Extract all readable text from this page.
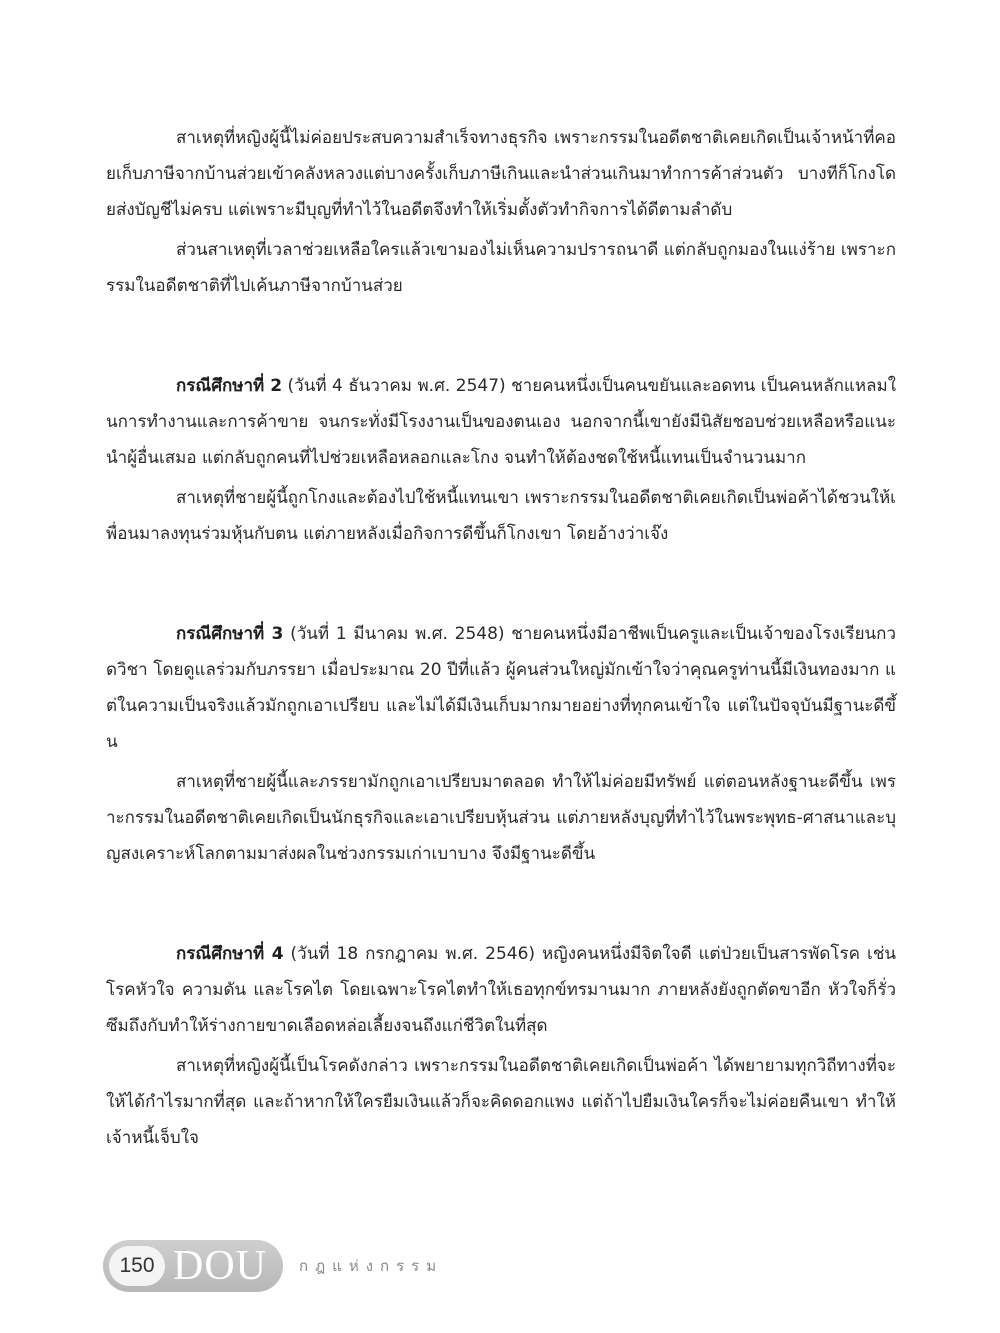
สาเหตุที่หญิงผู้นี้ไม่ค่อยประสบความสำเร็จทางธุรกิจ เพราะกรรมในอดีตชาติเคยเกิดเป็นเจ้าหน้าที่คอยเก็บภาษีจากบ้านส่วยเข้าคลังหลวงแต่บางครั้งเก็บภาษีเกินและนำส่วนเกินมาทำการค้าส่วนตัว บางทีก็โกงโดยส่งบัญชีไม่ครบ แต่เพราะมีบุญที่ทำไว้ในอดีตจึงทำให้เริ่มตั้งตัวทำกิจการได้ดีตามลำดับ

ส่วนสาเหตุที่เวลาช่วยเหลือใครแล้วเขามองไม่เห็นความปรารถนาดี แต่กลับถูกมองในแง่ร้าย เพราะกรรมในอดีตชาติที่ไปเค้นภาษีจากบ้านส่วย

กรณีศึกษาที่ 2 (วันที่ 4 ธันวาคม พ.ศ. 2547) ชายคนหนึ่งเป็นคนขยันและอดทน เป็นคนหลักแหลมในการทำงานและการค้าขาย จนกระทั่งมีโรงงานเป็นของตนเอง นอกจากนี้เขายังมีนิสัยชอบช่วยเหลือหรือแนะนำผู้อื่นเสมอ แต่กลับถูกคนที่ไปช่วยเหลือหลอกและโกง จนทำให้ต้องชดใช้หนี้แทนเป็นจำนวนมาก

สาเหตุที่ชายผู้นี้ถูกโกงและต้องไปใช้หนี้แทนเขา เพราะกรรมในอดีตชาติเคยเกิดเป็นพ่อค้าได้ชวนให้เพื่อนมาลงทุนร่วมหุ้นกับตน แต่ภายหลังเมื่อกิจการดีขึ้นก็โกงเขา โดยอ้างว่าเจ๊ง

กรณีศึกษาที่ 3 (วันที่ 1 มีนาคม พ.ศ. 2548) ชายคนหนึ่งมีอาชีพเป็นครูและเป็นเจ้าของโรงเรียนกวดวิชา โดยดูแลร่วมกับภรรยา เมื่อประมาณ 20 ปีที่แล้ว ผู้คนส่วนใหญ่มักเข้าใจว่าคุณครูท่านนี้มีเงินทองมาก แต่ในความเป็นจริงแล้วมักถูกเอาเปรียบ และไม่ได้มีเงินเก็บมากมายอย่างที่ทุกคนเข้าใจ แต่ในปัจจุบันมีฐานะดีขึ้น

สาเหตุที่ชายผู้นี้และภรรยามักถูกเอาเปรียบมาตลอด ทำให้ไม่ค่อยมีทรัพย์ แต่ตอนหลังฐานะดีขึ้น เพราะกรรมในอดีตชาติเคยเกิดเป็นนักธุรกิจและเอาเปรียบหุ้นส่วน แต่ภายหลังบุญที่ทำไว้ในพระพุทธ-ศาสนาและบุญสงเคราะห์โลกตามมาส่งผลในช่วงกรรมเก่าเบาบาง จึงมีฐานะดีขึ้น

กรณีศึกษาที่ 4 (วันที่ 18 กรกฎาคม พ.ศ. 2546) หญิงคนหนึ่งมีจิตใจดี แต่ป่วยเป็นสารพัดโรค เช่น โรคหัวใจ ความดัน และโรคไต โดยเฉพาะโรคไตทำให้เธอทุกข์ทรมานมาก ภายหลังยังถูกตัดขาอีก หัวใจก็รั่วซึมถึงกับทำให้ร่างกายขาดเลือดหล่อเลี้ยงจนถึงแก่ชีวิตในที่สุด

สาเหตุที่หญิงผู้นี้เป็นโรคดังกล่าว เพราะกรรมในอดีตชาติเคยเกิดเป็นพ่อค้า ได้พยายามทุกวิถีทางที่จะให้ได้กำไรมากที่สุด และถ้าหากให้ใครยืมเงินแล้วก็จะคิดดอกแพง แต่ถ้าไปยืมเงินใครก็จะไม่ค่อยคืนเขา ทำให้เจ้าหนี้เจ็บใจ

150 DOU กฎแห่งกรรม
